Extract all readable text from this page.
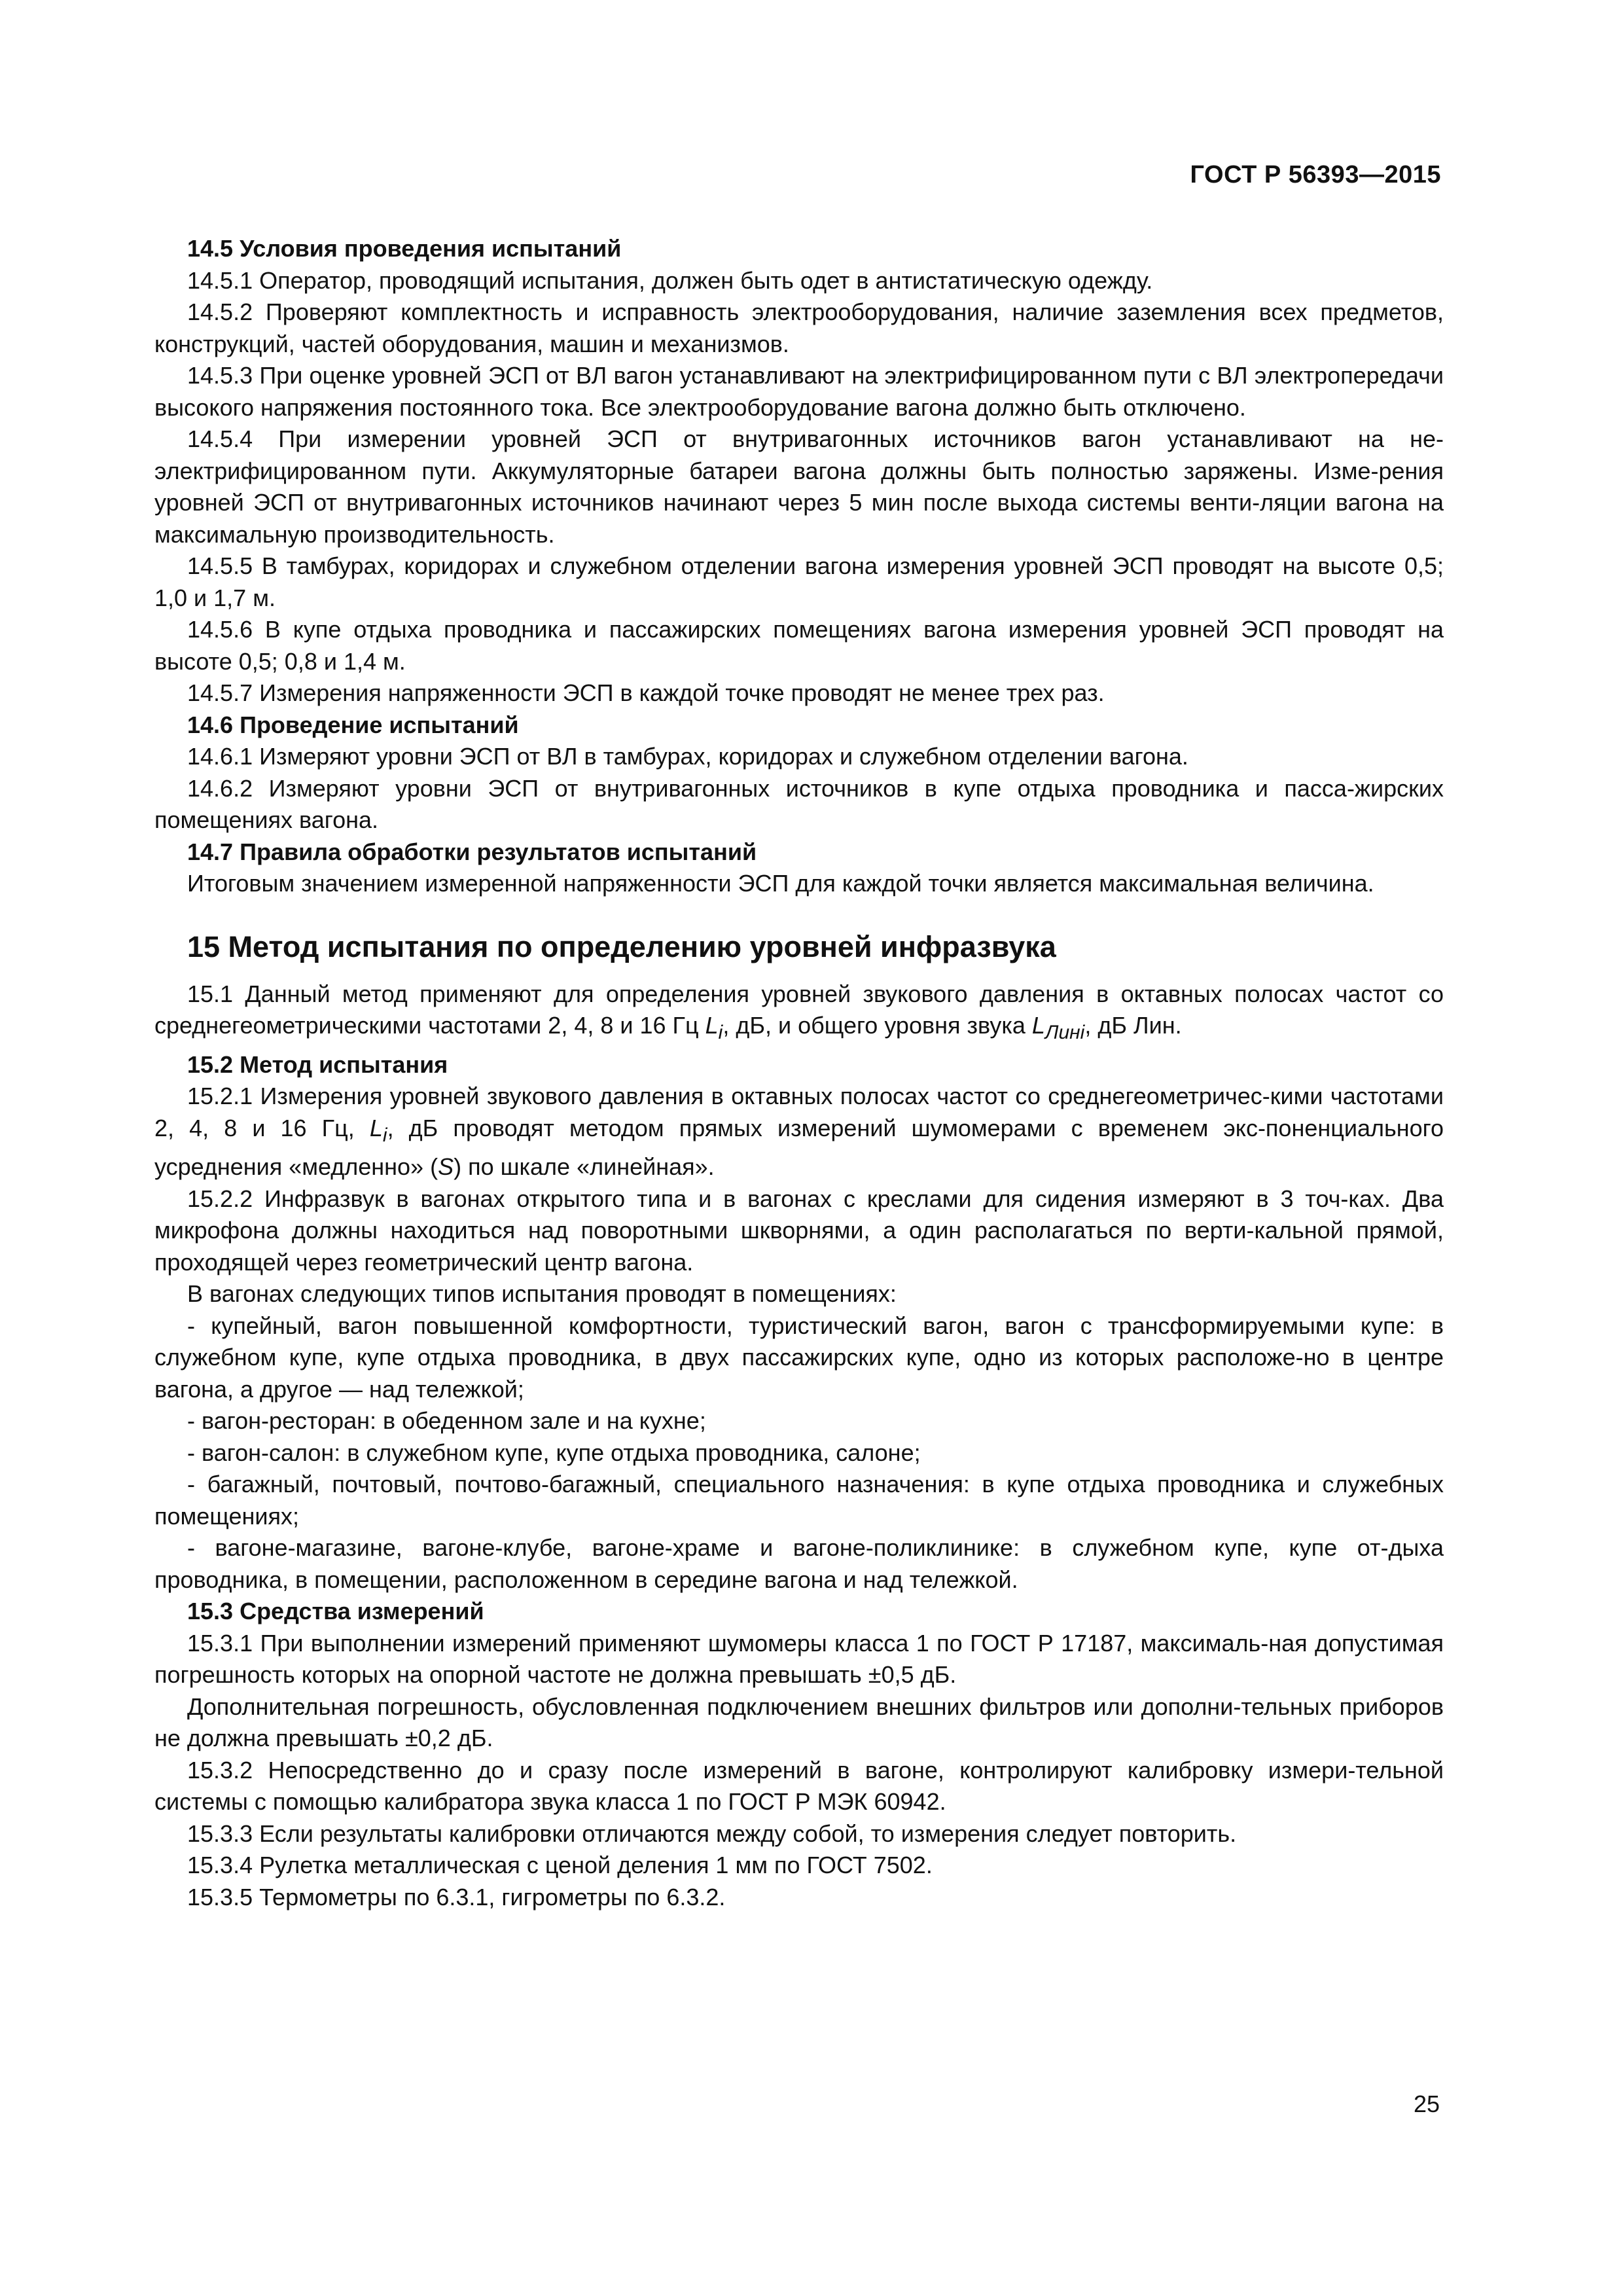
ГОСТ Р 56393—2015

14.5 Условия проведения испытаний

14.5.1 Оператор, проводящий испытания, должен быть одет в антистатическую одежду.

14.5.2 Проверяют комплектность и исправность электрооборудования, наличие заземления всех предметов, конструкций, частей оборудования, машин и механизмов.

14.5.3 При оценке уровней ЭСП от ВЛ вагон устанавливают на электрифицированном пути с ВЛ электропередачи высокого напряжения постоянного тока. Все электрооборудование вагона должно быть отключено.

14.5.4 При измерении уровней ЭСП от внутривагонных источников вагон устанавливают на не-электрифицированном пути. Аккумуляторные батареи вагона должны быть полностью заряжены. Изме-рения уровней ЭСП от внутривагонных источников начинают через 5 мин после выхода системы венти-ляции вагона на максимальную производительность.

14.5.5 В тамбурах, коридорах и служебном отделении вагона измерения уровней ЭСП проводят на высоте 0,5; 1,0 и 1,7 м.

14.5.6 В купе отдыха проводника и пассажирских помещениях вагона измерения уровней ЭСП проводят на высоте 0,5; 0,8 и 1,4 м.

14.5.7 Измерения напряженности ЭСП в каждой точке проводят не менее трех раз.

14.6 Проведение испытаний

14.6.1 Измеряют уровни ЭСП от ВЛ в тамбурах, коридорах и служебном отделении вагона.

14.6.2 Измеряют уровни ЭСП от внутривагонных источников в купе отдыха проводника и пасса-жирских помещениях вагона.

14.7 Правила обработки результатов испытаний

Итоговым значением измеренной напряженности ЭСП для каждой точки является максимальная величина.

15 Метод испытания по определению уровней инфразвука

15.1 Данный метод применяют для определения уровней звукового давления в октавных полосах частот со среднегеометрическими частотами 2, 4, 8 и 16 Гц $L_i$, дБ, и общего уровня звука $L_{Линi}$, дБ Лин.

15.2 Метод испытания

15.2.1 Измерения уровней звукового давления в октавных полосах частот со среднегеометричес-кими частотами 2, 4, 8 и 16 Гц, $L_i$, дБ проводят методом прямых измерений шумомерами с временем экс-поненциального усреднения «медленно» (S) по шкале «линейная».

15.2.2 Инфразвук в вагонах открытого типа и в вагонах с креслами для сидения измеряют в 3 точ-ках. Два микрофона должны находиться над поворотными шкворнями, а один располагаться по верти-кальной прямой, проходящей через геометрический центр вагона.

В вагонах следующих типов испытания проводят в помещениях:

- купейный, вагон повышенной комфортности, туристический вагон, вагон с трансформируемыми купе: в служебном купе, купе отдыха проводника, в двух пассажирских купе, одно из которых расположе-но в центре вагона, а другое — над тележкой;

- вагон-ресторан: в обеденном зале и на кухне;

- вагон-салон: в служебном купе, купе отдыха проводника, салоне;

- багажный, почтовый, почтово-багажный, специального назначения: в купе отдыха проводника и служебных помещениях;

- вагоне-магазине, вагоне-клубе, вагоне-храме и вагоне-поликлинике: в служебном купе, купе от-дыха проводника, в помещении, расположенном в середине вагона и над тележкой.

15.3 Средства измерений

15.3.1 При выполнении измерений применяют шумомеры класса 1 по ГОСТ Р 17187, максималь-ная допустимая погрешность которых на опорной частоте не должна превышать ±0,5 дБ.

Дополнительная погрешность, обусловленная подключением внешних фильтров или дополни-тельных приборов не должна превышать ±0,2 дБ.

15.3.2 Непосредственно до и сразу после измерений в вагоне, контролируют калибровку измери-тельной системы с помощью калибратора звука класса 1 по ГОСТ Р МЭК 60942.

15.3.3 Если результаты калибровки отличаются между собой, то измерения следует повторить.

15.3.4 Рулетка металлическая с ценой деления 1 мм по ГОСТ 7502.

15.3.5 Термометры по 6.3.1, гигрометры по 6.3.2.

25
